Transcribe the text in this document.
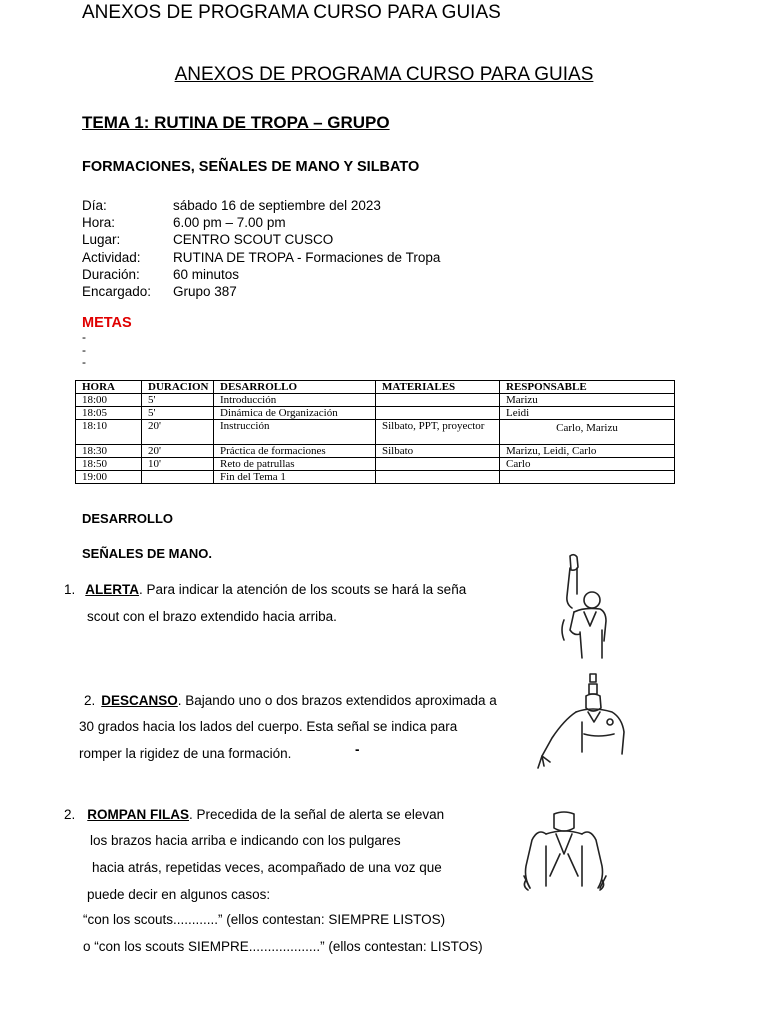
ANEXOS DE PROGRAMA CURSO PARA GUIAS
ANEXOS DE PROGRAMA CURSO PARA GUIAS
TEMA 1: RUTINA DE TROPA – GRUPO
FORMACIONES, SEÑALES DE MANO Y SILBATO
Día:	sábado 16 de septiembre del 2023
Hora:	6.00 pm – 7.00 pm
Lugar:	CENTRO SCOUT CUSCO
Actividad:	RUTINA DE TROPA - Formaciones de Tropa
Duración:	60 minutos
Encargado:	Grupo 387
METAS
-
-
-
HORA	DURACION	DESARROLLO	MATERIALES	RESPONSABLE
18:00	5'	Introducción		Marizu
18:05	5'	Dinámica de Organización		Leidi
18:10	20'	Instrucción	Silbato, PPT, proyector	Carlo, Marizu
18:30	20'	Práctica de formaciones	Silbato	Marizu, Leidi, Carlo
18:50	10'	Reto de patrullas		Carlo
19:00		Fin del Tema 1		
DESARROLLO
SEÑALES DE MANO.
1. ALERTA. Para indicar la atención de los scouts se hará la seña
scout con el brazo extendido hacia arriba.
2. DESCANSO. Bajando uno o dos brazos extendidos aproximada a
30 grados hacia los lados del cuerpo. Esta señal se indica para
romper la rigidez de una formación.	-
2. ROMPAN FILAS. Precedida de la señal de alerta se elevan
los brazos hacia arriba e indicando con los pulgares
hacia atrás, repetidas veces, acompañado de una voz que
puede decir en algunos casos:
“con los scouts............” (ellos contestan: SIEMPRE LISTOS)
o “con los scouts SIEMPRE...................” (ellos contestan: LISTOS)
